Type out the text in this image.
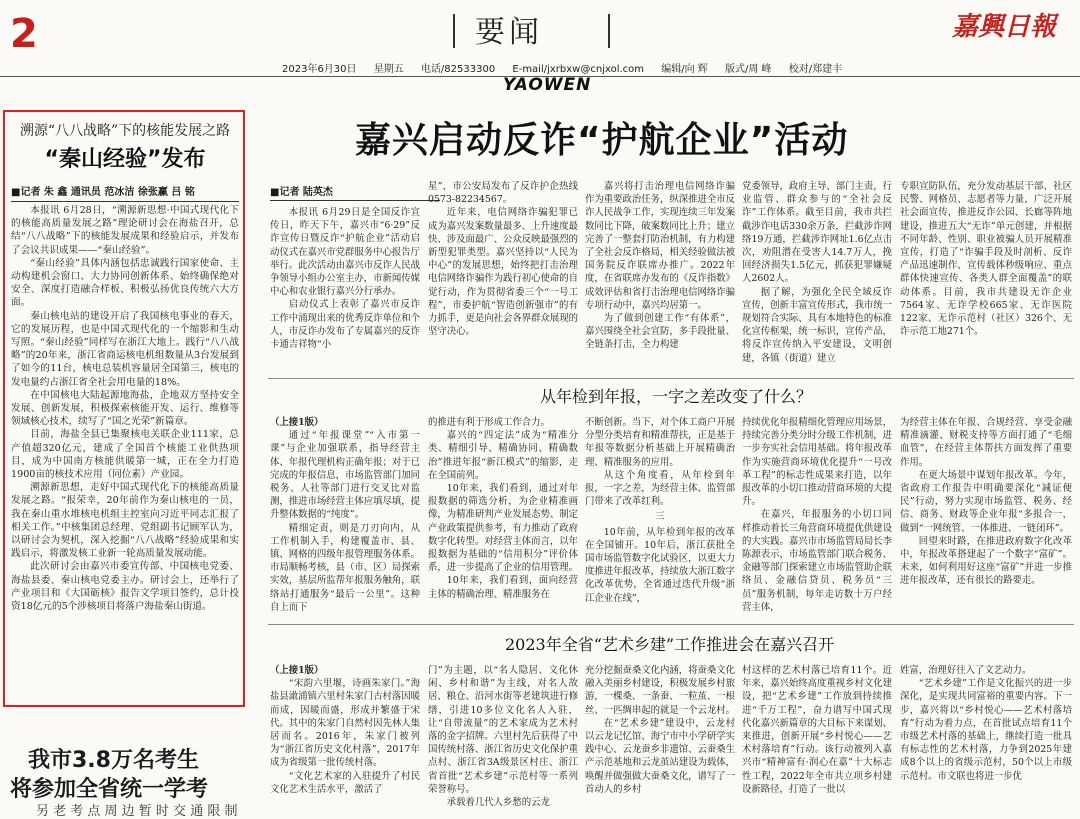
2	要闻	嘉興日報
2023年6月30日 星期五 电话/82533300 E-mail/jxrbxw@cnjxol.com 编辑/向 辉 版式/周 峰 校对/郑建丰
YAOWEN
溯源“八八战略”下的核能发展之路
“秦山经验”发布
■记者 朱 鑫 通讯员 范冰洁 徐张赢 吕 铭

本报讯 6月28日，“溯源新思想·中国式现代化下的核能高质量发展之路”理论研讨会在海盐召开，总结“八八战略”下的核能发展成果和经验启示，并发布了会议共识成果——“秦山经验”。

“秦山经验”具体内涵包括忠诚践行国家使命、主动构建机会窗口、大力协同创新体系、始终确保绝对安全、深度打造融合样板、积极弘扬优良传统六大方面。

秦山核电站的建设开启了我国核电事业的春天，它的发展历程，也是中国式现代化的一个缩影和生动写照。“秦山经验”同样写在浙江大地上。践行“八八战略”的20年来，浙江省商运核电机组数量从3台发展到了如今的11台，核电总装机容量居全国第三，核电的发电量约占浙江省全社会用电量的18%。

在中国核电大陆起源地海盐，企地双方坚持安全发展、创新发展，积极探索核能开发、运行、维修等领域核心技术，续写了“国之光荣”新篇章。

目前，海盐全县已集聚核电关联企业111家，总产值超320亿元，建成了全国首个核能工业供热项目，成为中国南方核能供暖第一城，正在全力打造1900亩的核技术应用（同位素）产业园。

溯源新思想，走好中国式现代化下的核能高质量发展之路。“报荣幸，20年前作为秦山核电的一员，我在秦山重水堆核电机组主控室向习近平同志汇报了相关工作。”中核集团总经理、党组副书记顾军认为，以研讨会为契机，深入挖掘“八八战略”经验成果和实践启示，将激发核工业新一轮高质量发展动能。

此次研讨会由嘉兴市委宣传部、中国核电党委、海盐县委、秦山核电党委主办。研讨会上，还举行了产业项目和《大国砺核》报告文学项目签约，总计投资18亿元的5个涉核项目将落户海盐秦山街道。

我市3.8万名考生
将参加全省统一学考
另 老 考 点 周 边 暂 时 交 通 限 制
嘉兴启动反诈“护航企业”活动
■记者 陆英杰

本报讯 6月29日是全国反诈宣传日，昨天下午，嘉兴市“6·29”反诈宣传日暨反诈“护航企业”活动启动仪式在嘉兴市党群服务中心报告厅举行。此次活动由嘉兴市反诈人民战争领导小组办公室主办，市新闻传媒中心和农业银行嘉兴分行承办。

启动仪式上表彰了嘉兴市反诈工作中涌现出来的优秀反诈单位和个人，市反诈办发布了专属嘉兴的反诈卡通吉祥物“小

星”，市公安局发布了反诈护企热线0573-82234567。

近年来，电信网络诈骗犯罪已成为嘉兴发案数量最多、上升速度最快、涉及面最广、公众反映最强烈的新型犯罪类型。嘉兴坚持以“人民为中心”的发展思想，始终把打击治理电信网络诈骗作为践行初心使命的自觉行动，作为贯彻省委三个“一号工程”，市委护航“智造创新强市”的有力抓手，更是向社会各界群众展现的坚守决心。

嘉兴将打击治理电信网络诈骗作为重要政治任务，纵深推进全市反诈人民战争工作，实现连续三年发案数同比下降，破案数同比上升；建立完善了一整套打防治机制，有力构建了全社会反诈格局，相关经验做法被国务院反诈联席办推广。2022年度，在省联席办发布的《反诈指数》成效评估和省打击治理电信网络诈骗专项行动中，嘉兴均居第一。

为了做到创建工作“有体系”，嘉兴围绕全社会宣防，多手段批量、全链条打击，全力构建

党委领导，政府主导、部门主责，行业监管、群众参与的“全社会反诈”工作体系。截至目前，我市共拦截涉诈电话330余万条，拦截涉诈网络19万通，拦截涉诈网址1.6亿点击次，劝阻潜在受害人14.7万人，挽回经济损失1.5亿元，抓获犯罪嫌疑人2602人。

据了解，为强化全民全域反诈宣传，创新丰富宣传形式，我市统一规划符合实际、具有本地特色的标准化宣传框架，统一标识，宣传产品，将反诈宣传纳入平安建设，文明创建，各镇（街道）建立

专职宣防队伍，充分发动基层干部、社区民警、网格员、志愿者等力量，广泛开展社会面宣传，推进反诈公园、长廊等阵地建设，推进五大“无诈”单元创建，并根据不同年龄、性别、职业被骗人员开展精准宣传，打造了“诈骗手段及时剖析、反诈产品迅速制作、宣传载体秒级响应、重点群体快速宣传、各类人群全面覆盖”的联动体系。目前，我市共建设无诈企业7564家、无诈学校665家、无诈医院122家、无诈示范村（社区）326个、无诈示范工地271个。

从年检到年报，一字之差改变了什么？

（上接1版）

通过“年报课堂”“入市第一课”与企业加强联系，指导经营主体、年报代理机构正确年报；对于已完成的年报信息，市场监管部门加同税务、人社等部门进行交叉比对监测，推进市场经营主体应填尽填，提升整体数据的“纯度”。

精细定责，则是刀刃向内，从工作机制入手，构建覆盖市、县、镇、网格的四级年报管理服务体系。市局顺畅考核，县（市、区）局探索实效，基层所监帮年报服务触角，联络站打通服务“最后一公里”。这种自上而下

的推进有利于形成工作合力。

嘉兴的“四定法”成为“精准分类、精细引导、精确协同、精确数治”推进年报“新江模式”的缩影，走在全国前列。

10年来，我们看到，通过对年报数据的筛选分析，为企业精准画像，为精准研判产业发展态势、制定产业政策提供参考，有力推动了政府数字化转型。对经营主体而言，以年报数据为基础的“信用积分”评价体系，进一步提高了企业的信用管理。

10年来，我们看到，面向经营主体的精确治理、精准服务在

不断创新。当下，对个体工商户开展分型分类培育和精准帮扶，正是基于年报等数据分析基础上开展精确治理、精准服务的应用。

从这个角度看，从年检到年报，一字之差，为经营主体、监管部门带来了改革红利。

三

10年前，从年检到年报的改革在全国铺开。10年后，浙江获批全国市场监管数字化试验区，以更大力度推进年报改革，持续放大浙江数字化改革优势，全省通过迭代升级“浙江企业在线”，

持续优化年报精细化管理应用场景，持续完善分类分时分级工作机制，进一步夯实社会信用基础。将年报改革作为实施营商环境优化提升“一号改革工程”的标志性成果来打造，以年报改革的小切口推动营商环境的大提升。

在嘉兴，年报服务的小切口同样推动着长三角营商环境提优供建设的大实践。嘉兴市市场监管局局长李陈源表示，市场监管部门联合税务、金融等部门探索建立市场监管助企联络员、金融信贷员、税务员“三员”服务机制，每年走访数十万户经营主体，

为经营主体在年报、合规经营、享受金融精准滴灌、财税支持等方面打通了“毛细血管”，在经营主体帮扶方面发挥了重要作用。

在更大场景中谋划年报改革。今年，省政府工作报告中明确要深化“减证便民”行动，努力实现市场监管、税务、经信、商务、财政等企业年报“多报合一，做到“一网统管、一体推进、一链闭环”。

回望来时路，在推进政府数字化改革中，年报改革搭建起了一个数字“富矿”。未来，如何利用好这座“富矿”并进一步推进年报改革，还有很长的路要走。

2023年全省“艺术乡建”工作推进会在嘉兴召开

（上接1版）

“宋韵六里堰，诗画朱家门。”海盐县澉浦镇六里村朱家门古村落因暖而成，因暖而盛，形成并繁盛于宋代。其中的朱家门自然村因先林人集居而名。2016年，朱家门被列为“浙江省历史文化村落”，2017年成为省级第一批传统村落。

“文化艺术家的入驻提升了村民文化艺术生活水平，激活了

门”为主题，以“名人隐居、文化休闲、乡村和谐”为主线，对名人故居、粮仓、沿河水街等老建筑进行修缮，引进10多位文化名人入驻，让“自带流量”的艺术家成为艺术村落的金字招牌。六里村先后获得了中国传统村落、浙江省历史文化保护重点村、浙江省3A级景区村庄、浙江省首批“艺术乡建”示范村等一系列荣誉称号。

承载着几代人乡愁的云龙

充分挖掘蚕桑文化内涵，将蚕桑文化融入美丽乡村建设，积极发展乡村旅游，一棵桑、一条蚕、一粒茧、一根丝、一匹绸串起的就是一个云龙村。

在“艺术乡建”建设中，云龙村以云龙记忆馆、海宁市中小学研学实践中心、云龙蚕乡非遗馆、云蚕桑生产示范基地和云龙茧站建设为载体，唤醒并做强做大蚕桑文化，谱写了一首动人的乡村

村这样的艺术村落已培育11个。近年来，嘉兴始终高度重视乡村文化建设，把“艺术乡建”工作放到持续推进“千万工程”，奋力谱写中国式现代化嘉兴新篇章的大目标下来谋划、来推进，创新开展“乡村悦心——艺术村落培育”行动。该行动被列入嘉兴市“精神富有·润心在嘉”十大标志性工程，2022年全市共立项乡村建设新路径，打造了一批以

姓富，治理好往入了文艺动力。

“艺术乡建”工作是文化振兴的进一步深化，是实现共同富裕的重要内容。下一步，嘉兴将以“乡村悦心——艺术村落培育”行动为着力点，在首批试点培育11个市级艺术村落的基础上，继续打造一批具有标志性的艺术村落，力争到2025年建成8个以上的省级示范村，50个以上市级示范村。市文联也将进一步优
